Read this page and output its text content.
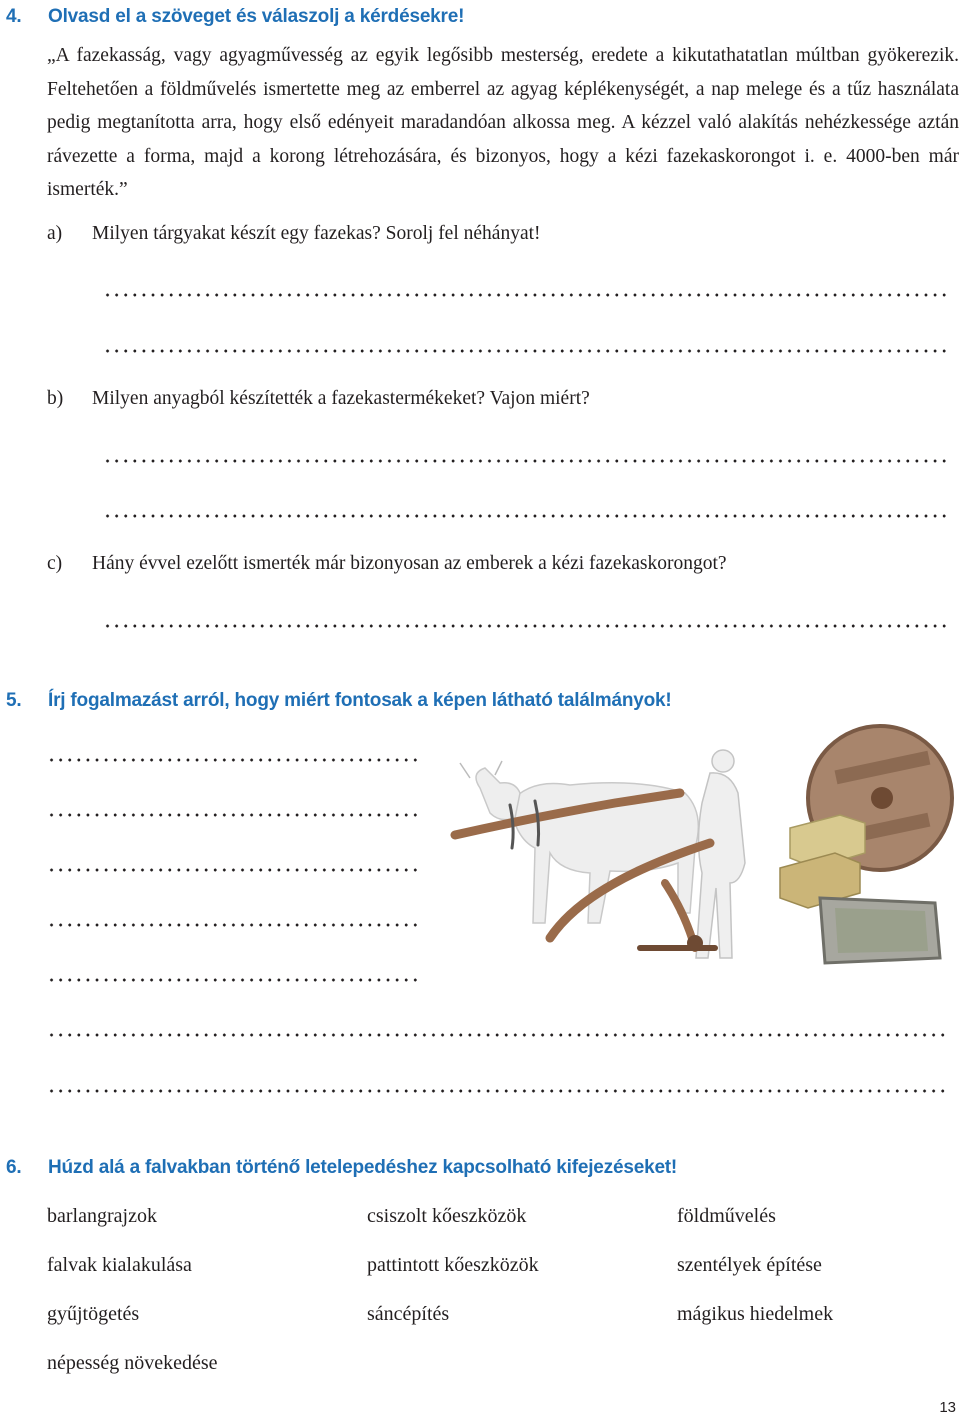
4. Olvasd el a szöveget és válaszolj a kérdésekre!
„A fazekasság, vagy agyagművesség az egyik legősibb mesterség, eredete a kikutathatatlan múltban gyökerezik. Feltehetően a földművelés ismertette meg az emberrel az agyag képlékenységét, a nap melege és a tűz használata pedig megtanította arra, hogy első edényeit maradandóan alkossa meg. A kézzel való alakítás nehézkessége aztán rávezette a forma, majd a korong létrehozására, és bizonyos, hogy a kézi fazekaskorongot i. e. 4000-ben már ismerték.”
a) Milyen tárgyakat készít egy fazekas? Sorolj fel néhányat!
b) Milyen anyagból készítették a fazekastermékeket? Vajon miért?
c) Hány évvel ezelőtt ismerték már bizonyosan az emberek a kézi fazekaskorongot?
5. Írj fogalmazást arról, hogy miért fontosak a képen látható találmányok!
6. Húzd alá a falvakban történő letelepedéshez kapcsolható kifejezéseket!
barlangrajzok	csiszolt kőeszközök	földművelés
falvak kialakulása	pattintott kőeszközök	szentélyek építése
gyűjtögetés	sáncépítés	mágikus hiedelmek
népesség növekedése
13
